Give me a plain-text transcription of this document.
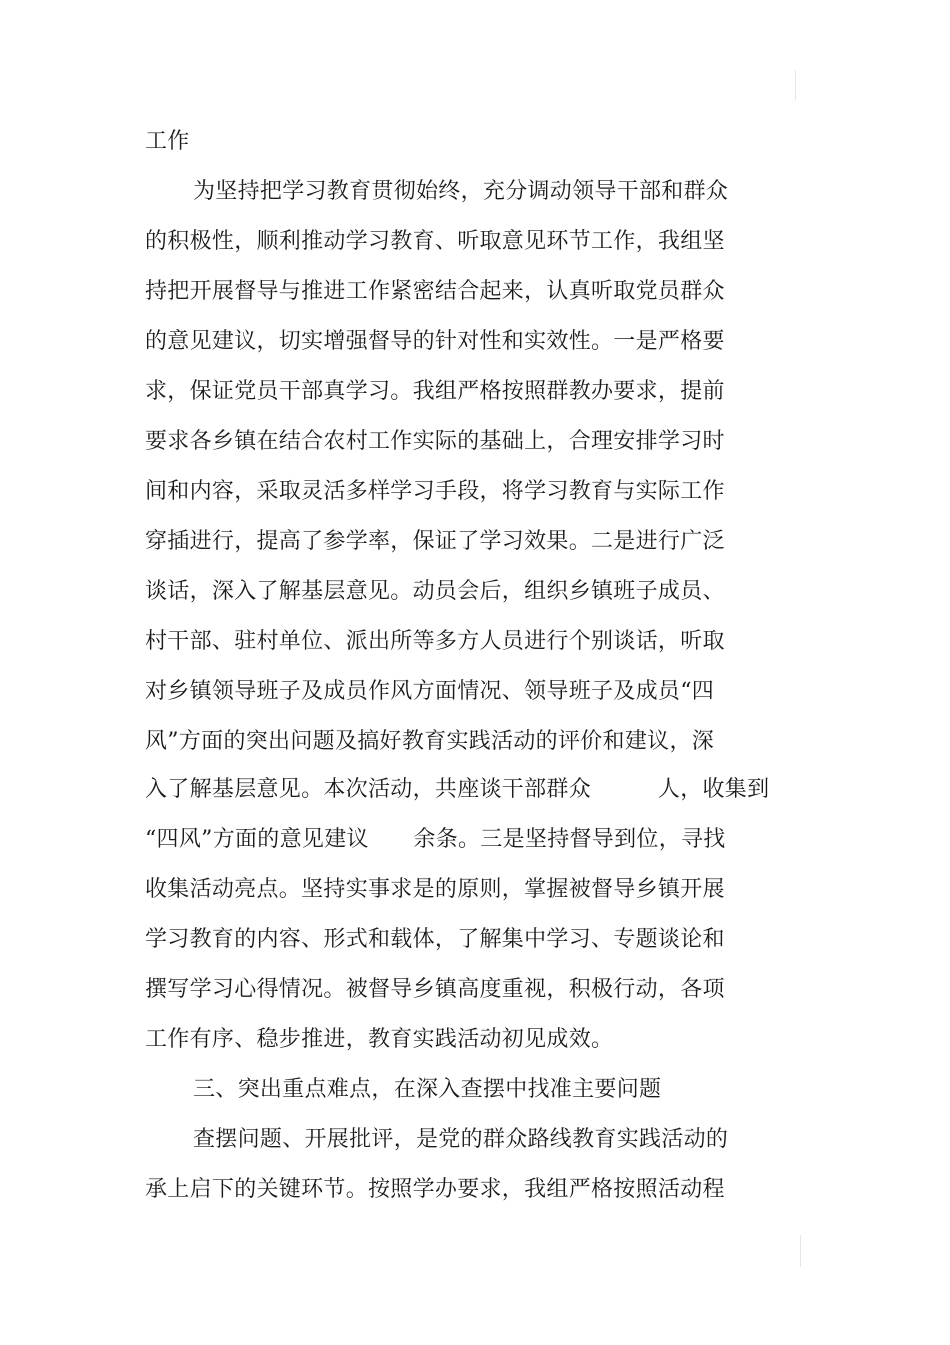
工作

为坚持把学习教育贯彻始终，充分调动领导干部和群众

的积极性，顺利推动学习教育、听取意见环节工作，我组坚

持把开展督导与推进工作紧密结合起来，认真听取党员群众

的意见建议，切实增强督导的针对性和实效性。一是严格要

求，保证党员干部真学习。我组严格按照群教办要求，提前

要求各乡镇在结合农村工作实际的基础上，合理安排学习时

间和内容，采取灵活多样学习手段，将学习教育与实际工作

穿插进行，提高了参学率，保证了学习效果。二是进行广泛

谈话，深入了解基层意见。动员会后，组织乡镇班子成员、

村干部、驻村单位、派出所等多方人员进行个别谈话，听取

对乡镇领导班子及成员作风方面情况、领导班子及成员“四

风”方面的突出问题及搞好教育实践活动的评价和建议，深

入了解基层意见。本次活动，共座谈干部群众　　　人，收集到

“四风”方面的意见建议　　余条。三是坚持督导到位，寻找

收集活动亮点。坚持实事求是的原则，掌握被督导乡镇开展

学习教育的内容、形式和载体，了解集中学习、专题谈论和

撰写学习心得情况。被督导乡镇高度重视，积极行动，各项

工作有序、稳步推进，教育实践活动初见成效。

三、突出重点难点，在深入查摆中找准主要问题

查摆问题、开展批评，是党的群众路线教育实践活动的

承上启下的关键环节。按照学办要求，我组严格按照活动程
